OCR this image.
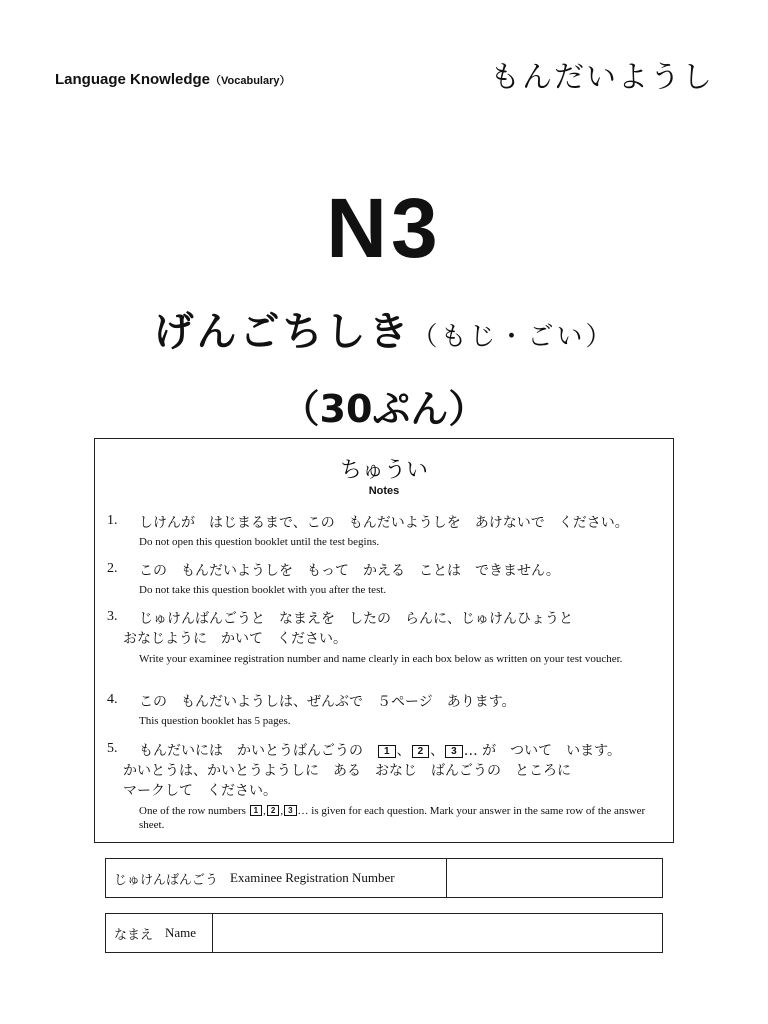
Language Knowledge（Vocabulary）	もんだいようし
N3
げんごちしき（もじ・ごい）
（30ぷん）
ちゅうい
Notes
1. しけんが　はじまるまで、この　もんだいようしを　あけないで　ください。
Do not open this question booklet until the test begins.
2. この　もんだいようしを　もって　かえる　ことは　できません。
Do not take this question booklet with you after the test.
3. じゅけんばんごうと　なまえを　したの　らんに、じゅけんひょうと
おなじように　かいて　ください。
Write your examinee registration number and name clearly in each box below as written on your test voucher.
4. この　もんだいようしは、ぜんぶで　５ページ　あります。
This question booklet has 5 pages.
5. もんだいには　かいとうばんごうの　 1 、 2 、 3 … が　ついて　います。
かいとうは、かいとうようしに　ある　おなじ　ばんごうの　ところに
マークして　ください。
One of the row numbers 1 , 2 , 3 … is given for each question. Mark your answer in the same row of the answer sheet.
じゅけんばんごう Examinee Registration Number
なまえ Name
